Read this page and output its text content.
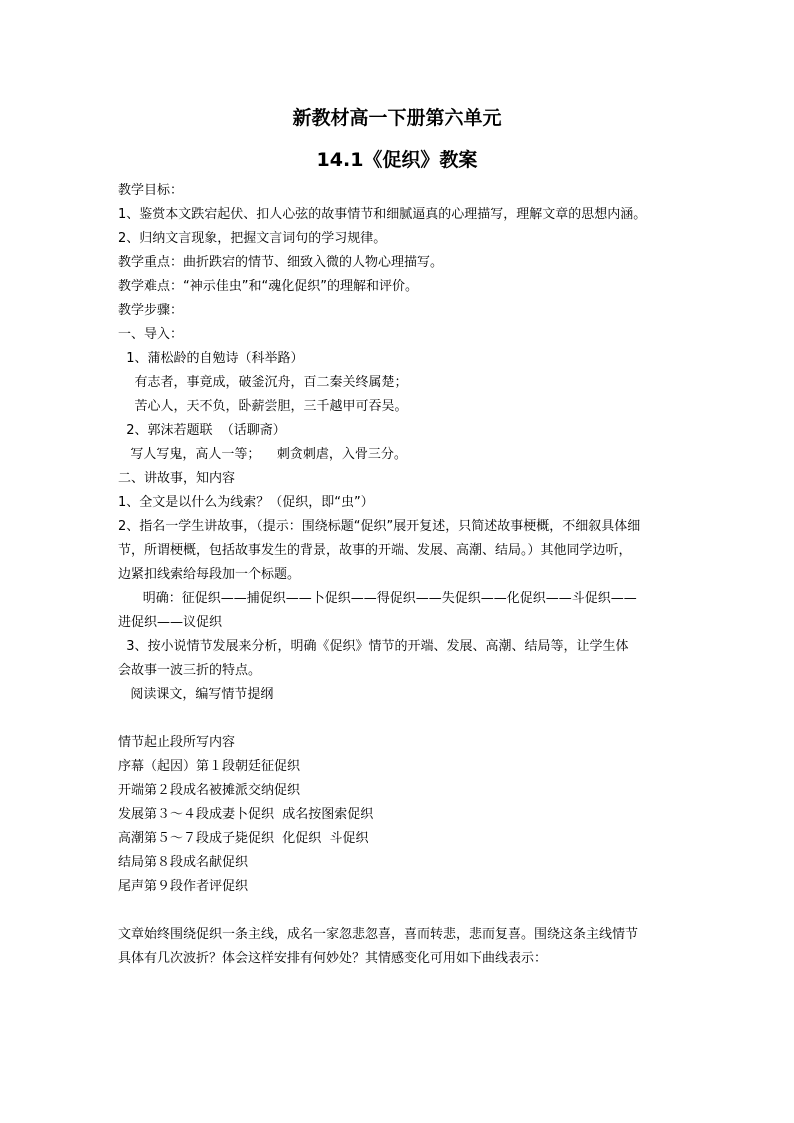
新教材高一下册第六单元
14.1《促织》教案
教学目标：
1、鉴赏本文跌宕起伏、扣人心弦的故事情节和细腻逼真的心理描写，理解文章的思想内涵。
2、归纳文言现象，把握文言词句的学习规律。
教学重点：曲折跌宕的情节、细致入微的人物心理描写。
教学难点：“神示佳虫”和“魂化促织”的理解和评价。
教学步骤：
一、导入：
1、蒲松龄的自勉诗（科举路）
有志者，事竟成，破釜沉舟，百二秦关终属楚；
苦心人，天不负，卧薪尝胆，三千越甲可吞吴。
2、郭沫若题联  （话聊斋）
写人写鬼，高人一等；    刺贪刺虐，入骨三分。
二、讲故事，知内容
1、全文是以什么为线索？（促织，即“虫”）
2、指名一学生讲故事，（提示：围绕标题“促织”展开复述，只简述故事梗概，不细叙具体细
节，所谓梗概，包括故事发生的背景，故事的开端、发展、高潮、结局。）其他同学边听，
边紧扣线索给每段加一个标题。
明确：征促织——捕促织——卜促织——得促织——失促织——化促织——斗促织——
进促织——议促织
3、按小说情节发展来分析，明确《促织》情节的开端、发展、高潮、结局等，让学生体
会故事一波三折的特点。
阅读课文，编写情节提纲
情节起止段所写内容
序幕（起因）第１段朝廷征促织
开端第２段成名被摊派交纳促织
发展第３～４段成妻卜促织  成名按图索促织
高潮第５～７段成子毙促织  化促织  斗促织
结局第８段成名献促织
尾声第９段作者评促织
文章始终围绕促织一条主线，成名一家忽悲忽喜，喜而转悲，悲而复喜。围绕这条主线情节
具体有几次波折？体会这样安排有何妙处？其情感变化可用如下曲线表示：
